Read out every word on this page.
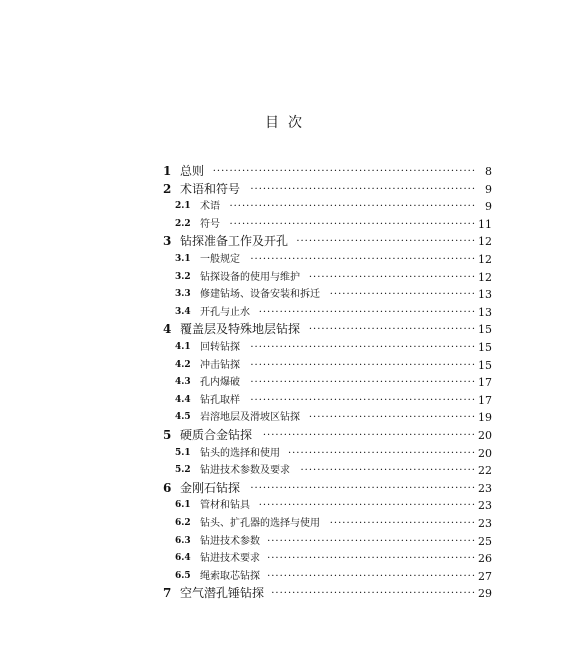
目  次
1 总则	8
·······························································
2 术语和符号	9
······················································
2.1 术语	9
···························································
2.2 符号	11
···························································
3 钻探准备工作及开孔	12
···········································
3.1 一般规定	12
······················································
3.2 钻探设备的使用与维护	12
········································
3.3 修建钻场、设备安装和拆迁	13
···································
3.4 开孔与止水	13
····················································
4 覆盖层及特殊地层钻探	15
········································
4.1 回转钻探	15
······················································
4.2 冲击钻探	15
······················································
4.3 孔内爆破	17
······················································
4.4 钻孔取样	17
······················································
4.5 岩溶地层及滑坡区钻探	19
········································
5 硬质合金钻探	20
···················································
5.1 钻头的选择和使用	20
·············································
5.2 钻进技术参数及要求	22
··········································
6 金刚石钻探	23
······················································
6.1 管材和钻具	23
····················································
6.2 钻头、扩孔器的选择与使用	23
···································
6.3 钻进技术参数	25
··················································
6.4 钻进技术要求	26
··················································
6.5 绳索取芯钻探	27
··················································
7 空气潜孔锤钻探	29
·················································
